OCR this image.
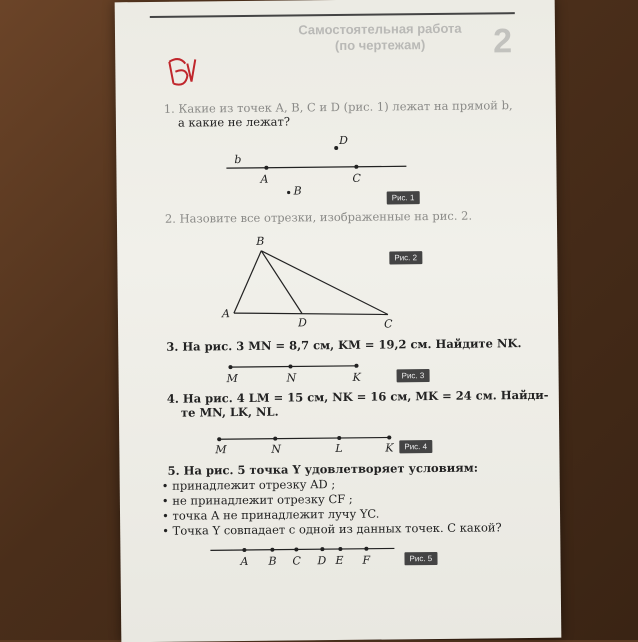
Самостоятельная работа
(по чертежам)	2
1. Какие из точек A, B, C и D (рис. 1) лежат на прямой b,
а какие не лежат?
D
b
A	C
B
Рис. 1
2. Назовите все отрезки, изображенные на рис. 2.
B
A
D	C
Рис. 2
3. На рис. 3 MN = 8,7 см, KM = 19,2 см. Найдите NK.
M	N	K	Рис. 3
4. На рис. 4 LM = 15 см, NK = 16 см, MK = 24 см. Найди-
те MN, LK, NL.
M	N	L	K	Рис. 4
5. На рис. 5 точка Y удовлетворяет условиям:
• принадлежит отрезку AD ;
• не принадлежит отрезку CF ;
• точка A не принадлежит лучу YC.
• Точка Y совпадает с одной из данных точек. С какой?
A B C D E F	Рис. 5
